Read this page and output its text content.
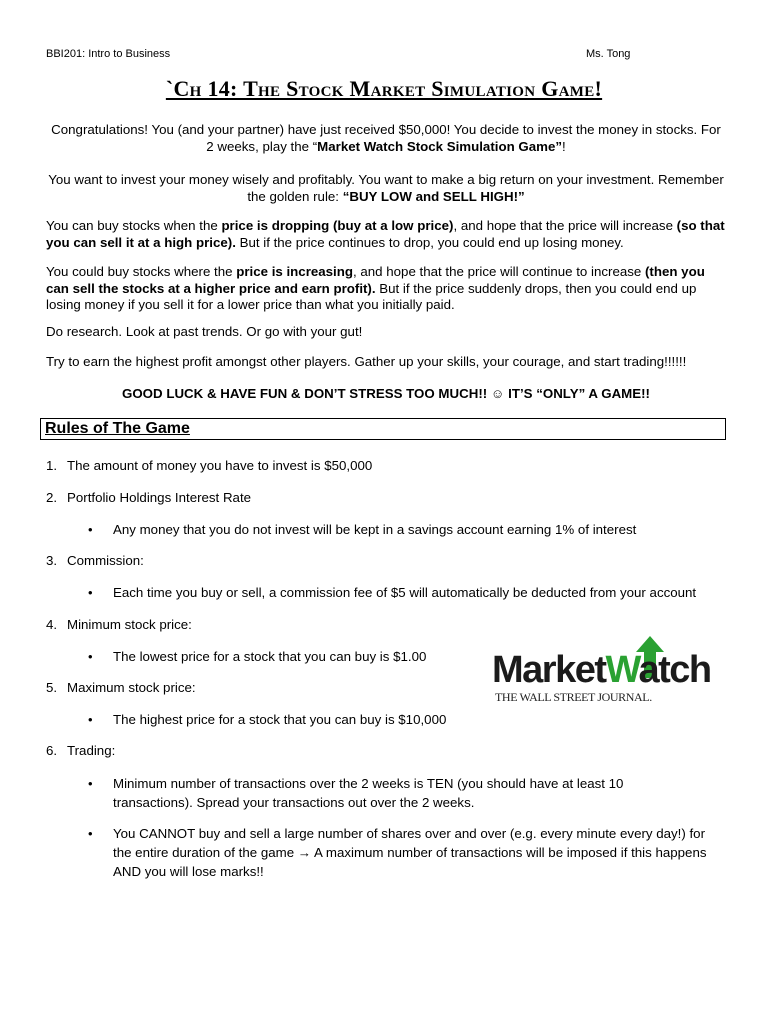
BBI201: Intro to Business	Ms. Tong
`Ch 14: The Stock Market Simulation Game!
Congratulations! You (and your partner) have just received $50,000! You decide to invest the money in stocks. For 2 weeks, play the “Market Watch Stock Simulation Game”!
You want to invest your money wisely and profitably. You want to make a big return on your investment. Remember the golden rule: “BUY LOW and SELL HIGH!”
You can buy stocks when the price is dropping (buy at a low price), and hope that the price will increase (so that you can sell it at a high price). But if the price continues to drop, you could end up losing money.
You could buy stocks where the price is increasing, and hope that the price will continue to increase (then you can sell the stocks at a higher price and earn profit). But if the price suddenly drops, then you could end up losing money if you sell it for a lower price than what you initially paid.
Do research. Look at past trends. Or go with your gut!
Try to earn the highest profit amongst other players. Gather up your skills, your courage, and start trading!!!!!!
GOOD LUCK & HAVE FUN & DON’T STRESS TOO MUCH!! ☺ IT’S “ONLY” A GAME!!
Rules of The Game
1. The amount of money you have to invest is $50,000
2. Portfolio Holdings Interest Rate
• Any money that you do not invest will be kept in a savings account earning 1% of interest
3. Commission:
• Each time you buy or sell, a commission fee of $5 will automatically be deducted from your account
4. Minimum stock price:
• The lowest price for a stock that you can buy is $1.00
5. Maximum stock price:
• The highest price for a stock that you can buy is $10,000
6. Trading:
• Minimum number of transactions over the 2 weeks is TEN (you should have at least 10 transactions). Spread your transactions out over the 2 weeks.
• You CANNOT buy and sell a large number of shares over and over (e.g. every minute every day!) for the entire duration of the game → A maximum number of transactions will be imposed if this happens AND you will lose marks!!
MarketWatch
THE WALL STREET JOURNAL.
